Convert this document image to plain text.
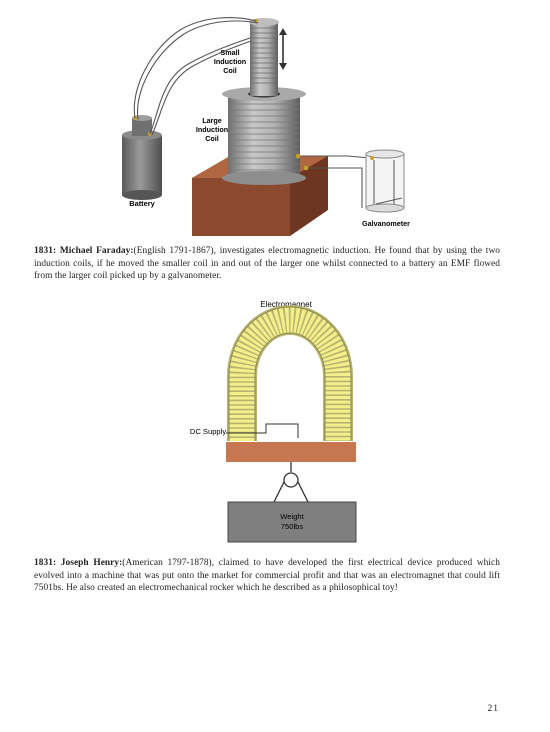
Small
Induction
Coil
Large
Induction
Coil
Battery
Galvanometer

1831: Michael Faraday:(English 1791-1867), investigates electromagnetic induction. He found that by using the two induction coils, if he moved the smaller coil in and out of the larger one whilst connected to a battery an EMF flowed from the larger coil picked up by a galvanometer.

Electromagnet
DC Supply
Weight
750lbs

1831: Joseph Henry:(American 1797-1878), claimed to have developed the first electrical device produced which evolved into a machine that was put onto the market for commercial profit and that was an electromagnet that could lift 7501bs. He also created an electromechanical rocker which he described as a philosophical toy!

21
